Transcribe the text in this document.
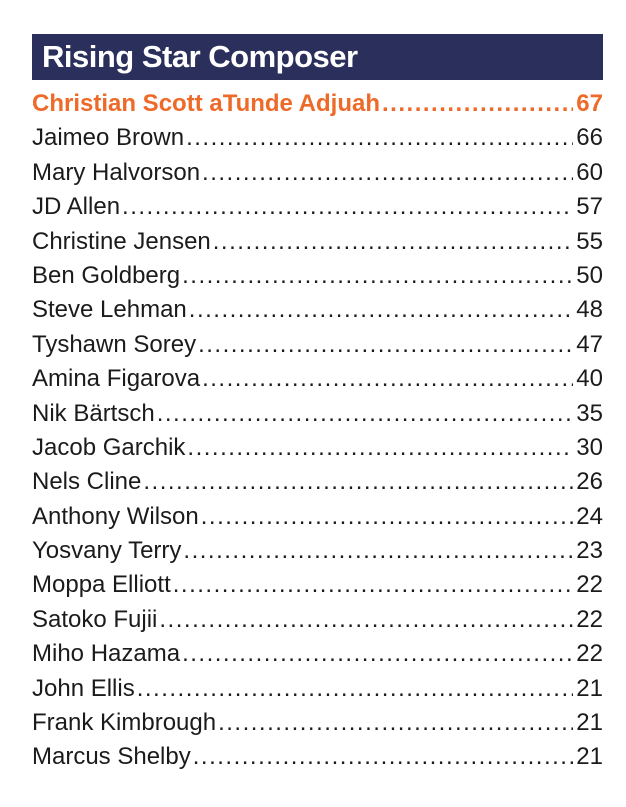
Rising Star Composer
Christian Scott aTunde Adjuah .....	67
Jaimeo Brown .....	66
Mary Halvorson .....	60
JD Allen .....	57
Christine Jensen .....	55
Ben Goldberg .....	50
Steve Lehman .....	48
Tyshawn Sorey .....	47
Amina Figarova .....	40
Nik Bärtsch .....	35
Jacob Garchik .....	30
Nels Cline .....	26
Anthony Wilson .....	24
Yosvany Terry .....	23
Moppa Elliott .....	22
Satoko Fujii .....	22
Miho Hazama .....	22
John Ellis .....	21
Frank Kimbrough .....	21
Marcus Shelby .....	21
